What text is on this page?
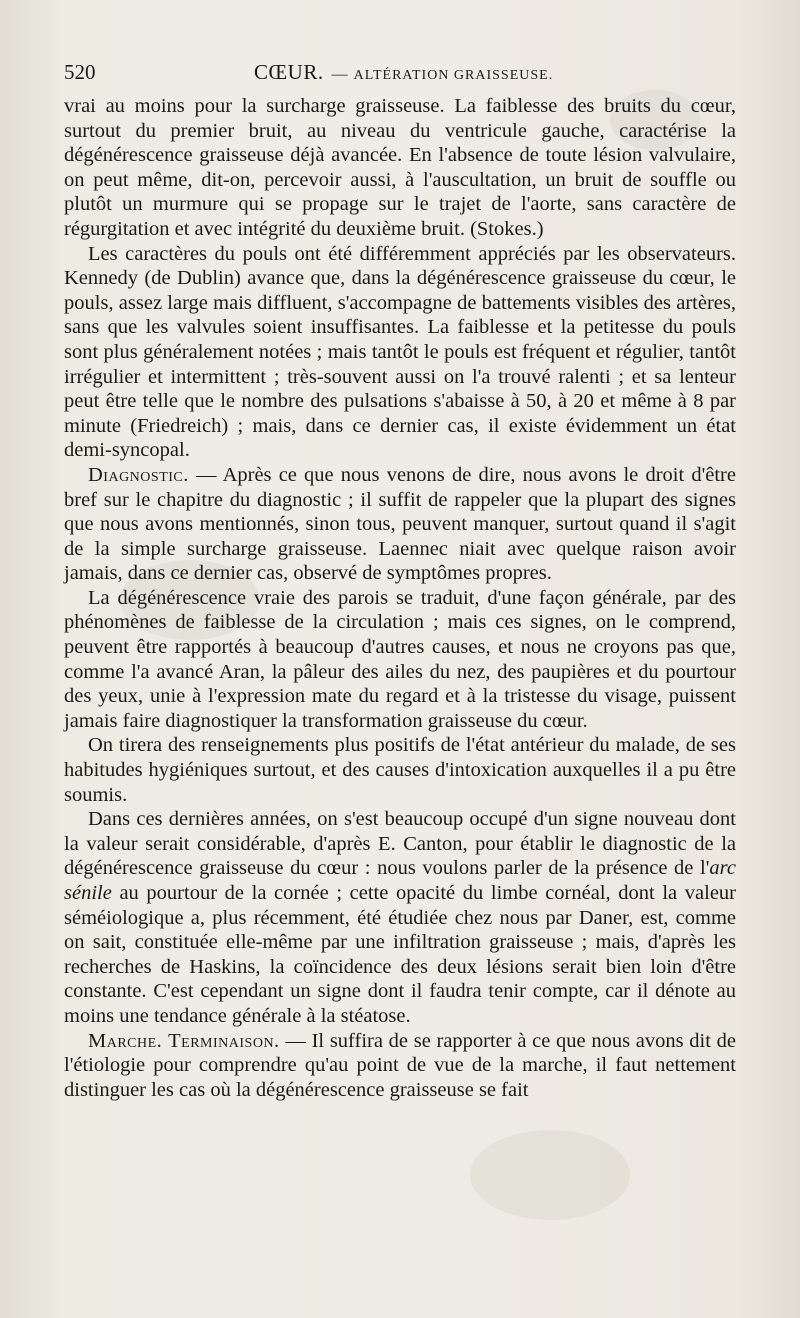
520	CŒUR. — ALTÉRATION GRAISSEUSE.

vrai au moins pour la surcharge graisseuse. La faiblesse des bruits du cœur, surtout du premier bruit, au niveau du ventricule gauche, caractérise la dégénérescence graisseuse déjà avancée. En l'absence de toute lésion valvulaire, on peut même, dit-on, percevoir aussi, à l'auscultation, un bruit de souffle ou plutôt un murmure qui se propage sur le trajet de l'aorte, sans caractère de régurgitation et avec intégrité du deuxième bruit. (Stokes.)

Les caractères du pouls ont été différemment appréciés par les observateurs. Kennedy (de Dublin) avance que, dans la dégénérescence graisseuse du cœur, le pouls, assez large mais diffluent, s'accompagne de battements visibles des artères, sans que les valvules soient insuffisantes. La faiblesse et la petitesse du pouls sont plus généralement notées ; mais tantôt le pouls est fréquent et régulier, tantôt irrégulier et intermittent ; très-souvent aussi on l'a trouvé ralenti ; et sa lenteur peut être telle que le nombre des pulsations s'abaisse à 50, à 20 et même à 8 par minute (Friedreich) ; mais, dans ce dernier cas, il existe évidemment un état demi-syncopal.

Diagnostic. — Après ce que nous venons de dire, nous avons le droit d'être bref sur le chapitre du diagnostic ; il suffit de rappeler que la plupart des signes que nous avons mentionnés, sinon tous, peuvent manquer, surtout quand il s'agit de la simple surcharge graisseuse. Laennec niait avec quelque raison avoir jamais, dans ce dernier cas, observé de symptômes propres.

La dégénérescence vraie des parois se traduit, d'une façon générale, par des phénomènes de faiblesse de la circulation ; mais ces signes, on le comprend, peuvent être rapportés à beaucoup d'autres causes, et nous ne croyons pas que, comme l'a avancé Aran, la pâleur des ailes du nez, des paupières et du pourtour des yeux, unie à l'expression mate du regard et à la tristesse du visage, puissent jamais faire diagnostiquer la transformation graisseuse du cœur.

On tirera des renseignements plus positifs de l'état antérieur du malade, de ses habitudes hygiéniques surtout, et des causes d'intoxication auxquelles il a pu être soumis.

Dans ces dernières années, on s'est beaucoup occupé d'un signe nouveau dont la valeur serait considérable, d'après E. Canton, pour établir le diagnostic de la dégénérescence graisseuse du cœur : nous voulons parler de la présence de l'arc sénile au pourtour de la cornée ; cette opacité du limbe cornéal, dont la valeur séméiologique a, plus récemment, été étudiée chez nous par Daner, est, comme on sait, constituée elle-même par une infiltration graisseuse ; mais, d'après les recherches de Haskins, la coïncidence des deux lésions serait bien loin d'être constante. C'est cependant un signe dont il faudra tenir compte, car il dénote au moins une tendance générale à la stéatose.

Marche. Terminaison. — Il suffira de se rapporter à ce que nous avons dit de l'étiologie pour comprendre qu'au point de vue de la marche, il faut nettement distinguer les cas où la dégénérescence graisseuse se fait
